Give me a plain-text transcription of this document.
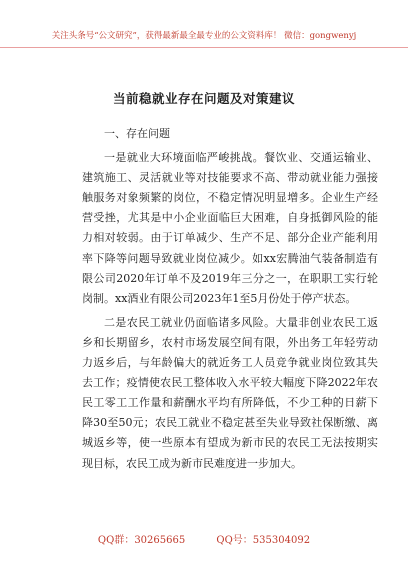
关注头条号“公文研究”，获得最新最全最专业的公文资料库！ 微信：gongwenyj
当前稳就业存在问题及对策建议

一、存在问题

一是就业大环境面临严峻挑战。餐饮业、交通运输业、建筑施工、灵活就业等对技能要求不高、带动就业能力强接触服务对象频繁的岗位，不稳定情况明显增多。企业生产经营受挫，尤其是中小企业面临巨大困难，自身抵御风险的能力相对较弱。由于订单减少、生产不足、部分企业产能利用率下降等问题导致就业岗位减少。如xx宏腾油气装备制造有限公司2020年订单不及2019年三分之一，在职职工实行轮岗制。xx酒业有限公司2023年1至5月份处于停产状态。

二是农民工就业仍面临诸多风险。大量非创业农民工返乡和长期留乡，农村市场发展空间有限，外出务工年轻劳动力返乡后，与年龄偏大的就近务工人员竞争就业岗位致其失去工作；疫情使农民工整体收入水平较大幅度下降2022年农民工零工工作量和薪酬水平均有所降低，不少工种的日薪下降30至50元；农民工就业不稳定甚至失业导致社保断缴、离城返乡等，使一些原本有望成为新市民的农民工无法按期实现目标，农民工成为新市民难度进一步加大。

QQ群：30265665	QQ号：535304092
